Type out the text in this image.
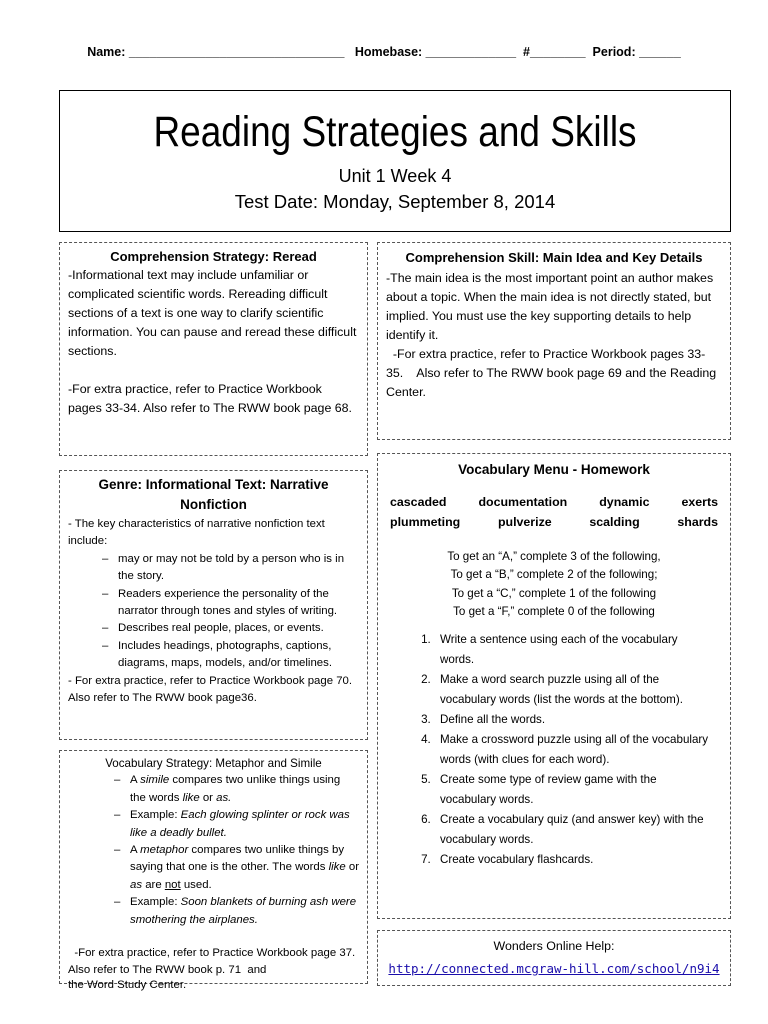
Name: _______________________________ Homebase: _____________ #________ Period: ______
Reading Strategies and Skills
Unit 1 Week 4
Test Date: Monday, September 8, 2014
Comprehension Strategy: Reread

-Informational text may include unfamiliar or complicated scientific words. Rereading difficult sections of a text is one way to clarify scientific information. You can pause and reread these difficult sections.

-For extra practice, refer to Practice Workbook pages 33-34. Also refer to The RWW book page 68.

Comprehension Skill: Main Idea and Key Details

-The main idea is the most important point an author makes about a topic. When the main idea is not directly stated, but implied. You must use the key supporting details to help identify it.

-For extra practice, refer to Practice Workbook pages 33-35.    Also refer to The RWW book page 69 and the Reading Center.

Genre: Informational Text: Narrative Nonfiction

- The key characteristics of narrative nonfiction text include:

– may or may not be told by a person who is in the story.
– Readers experience the personality of the narrator through tones and styles of writing.
– Describes real people, places, or events.
– Includes headings, photographs, captions, diagrams, maps, models, and/or timelines.

- For extra practice, refer to Practice Workbook page 70. Also refer to The RWW book page36.

Vocabulary Strategy: Metaphor and Simile
– A simile compares two unlike things using the words like or as.
– Example: Each glowing splinter or rock was like a deadly bullet.
– A metaphor compares two unlike things by saying that one is the other. The words like or as are not used.
– Example: Soon blankets of burning ash were smothering the airplanes.

-For extra practice, refer to Practice Workbook page 37.  Also refer to The RWW book p. 71  and

the Word Study Center.

Vocabulary Menu - Homework
cascaded	documentation	dynamic	exerts
plummeting	pulverize	scalding	shards
To get an “A,” complete 3 of the following,
To get a “B,” complete 2 of the following;
To get a “C,” complete 1 of the following
To get a “F,” complete 0 of the following
1. Write a sentence using each of the vocabulary words.
2. Make a word search puzzle using all of the vocabulary words (list the words at the bottom).
3. Define all the words.
4. Make a crossword puzzle using all of the vocabulary words (with clues for each word).
5. Create some type of review game with the vocabulary words.
6. Create a vocabulary quiz (and answer key) with the vocabulary words.
7. Create vocabulary flashcards.
Wonders Online Help:
http://connected.mcgraw-hill.com/school/n9i4
